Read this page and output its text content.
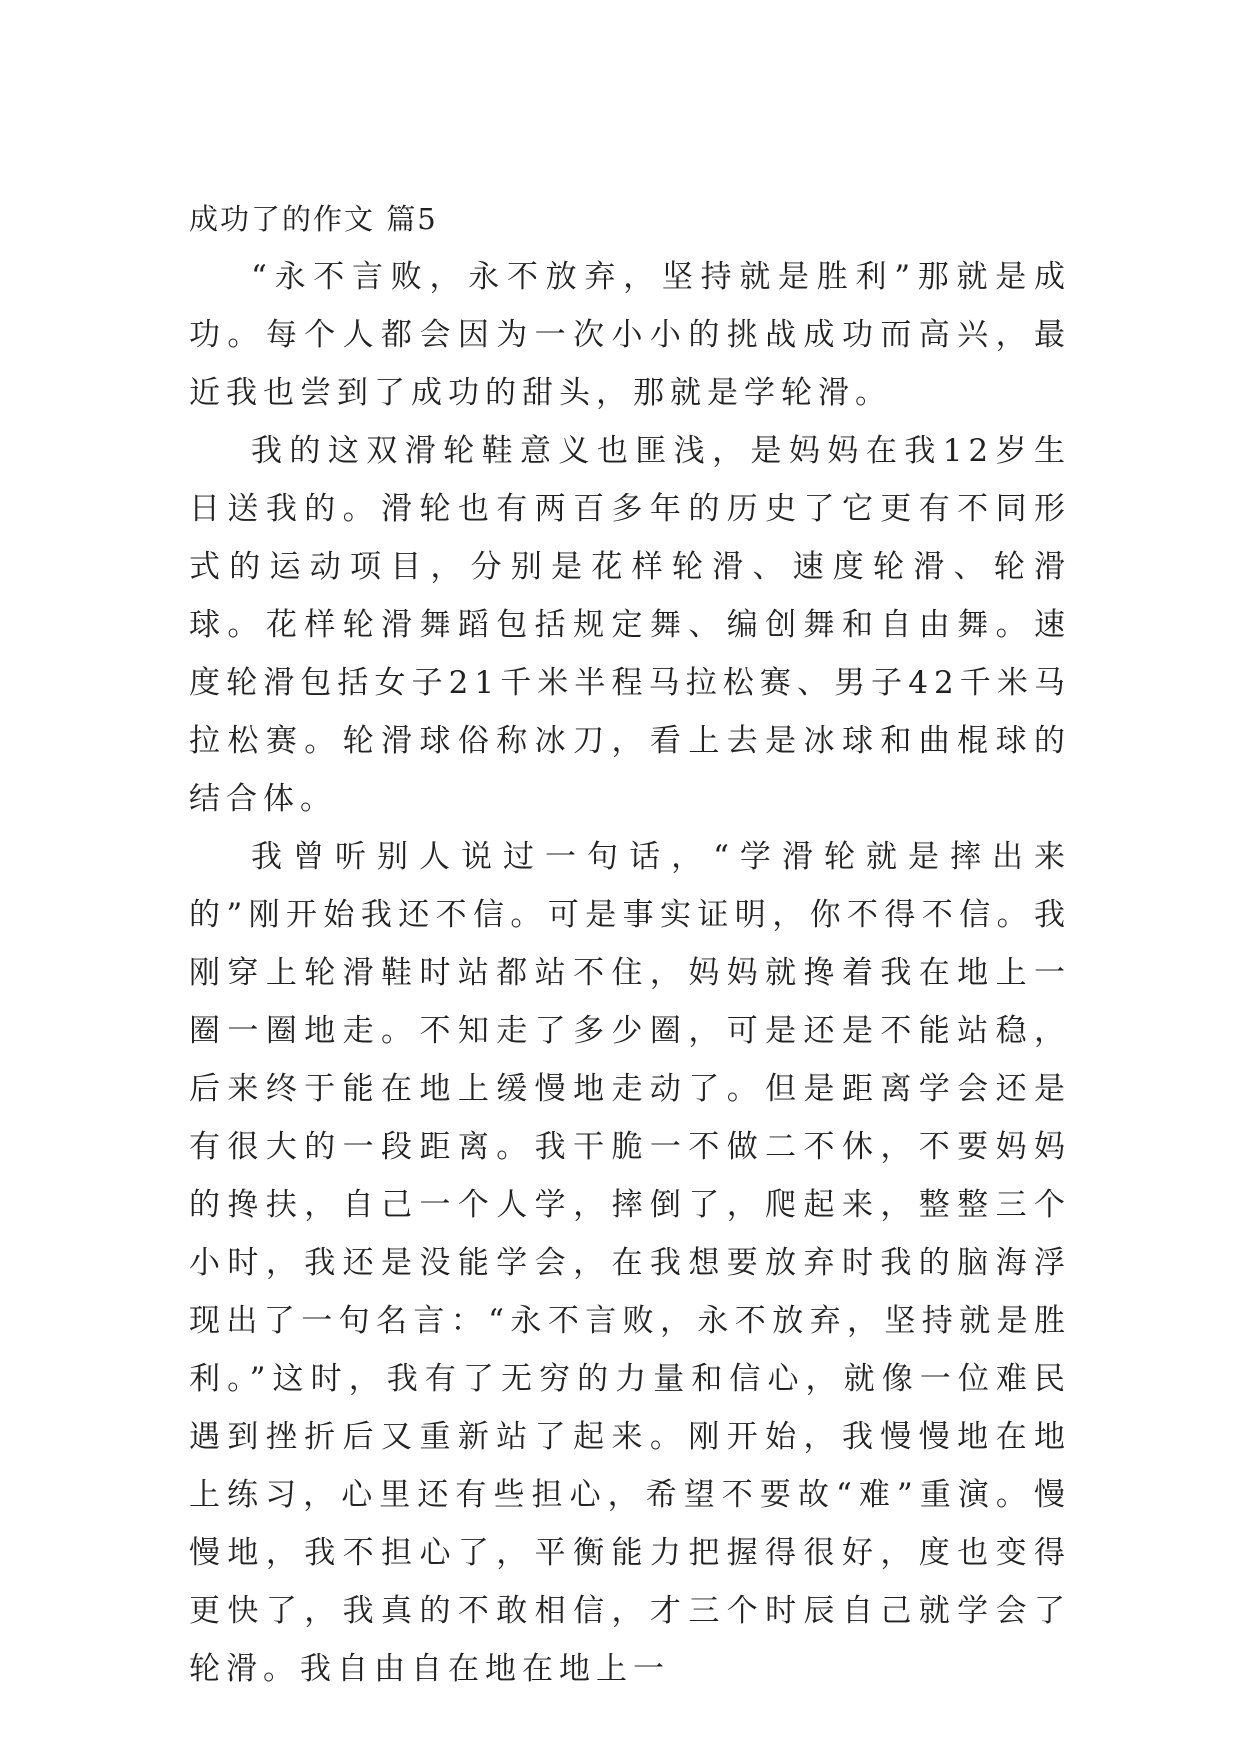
成功了的作文 篇5

“永不言败，永不放弃，坚持就是胜利”那就是成功。每个人都会因为一次小小的挑战成功而高兴，最近我也尝到了成功的甜头，那就是学轮滑。

我的这双滑轮鞋意义也匪浅，是妈妈在我12岁生日送我的。滑轮也有两百多年的历史了它更有不同形式的运动项目，分别是花样轮滑、速度轮滑、轮滑球。花样轮滑舞蹈包括规定舞、编创舞和自由舞。速度轮滑包括女子21千米半程马拉松赛、男子42千米马拉松赛。轮滑球俗称冰刀，看上去是冰球和曲棍球的结合体。

我曾听别人说过一句话，“学滑轮就是摔出来的”刚开始我还不信。可是事实证明，你不得不信。我刚穿上轮滑鞋时站都站不住，妈妈就搀着我在地上一圈一圈地走。不知走了多少圈，可是还是不能站稳，后来终于能在地上缓慢地走动了。但是距离学会还是有很大的一段距离。我干脆一不做二不休，不要妈妈的搀扶，自己一个人学，摔倒了，爬起来，整整三个小时，我还是没能学会，在我想要放弃时我的脑海浮现出了一句名言：“永不言败，永不放弃，坚持就是胜利。”这时，我有了无穷的力量和信心，就像一位难民遇到挫折后又重新站了起来。刚开始，我慢慢地在地上练习，心里还有些担心，希望不要故“难”重演。慢慢地，我不担心了，平衡能力把握得很好，度也变得更快了，我真的不敢相信，才三个时辰自己就学会了轮滑。我自由自在地在地上一
